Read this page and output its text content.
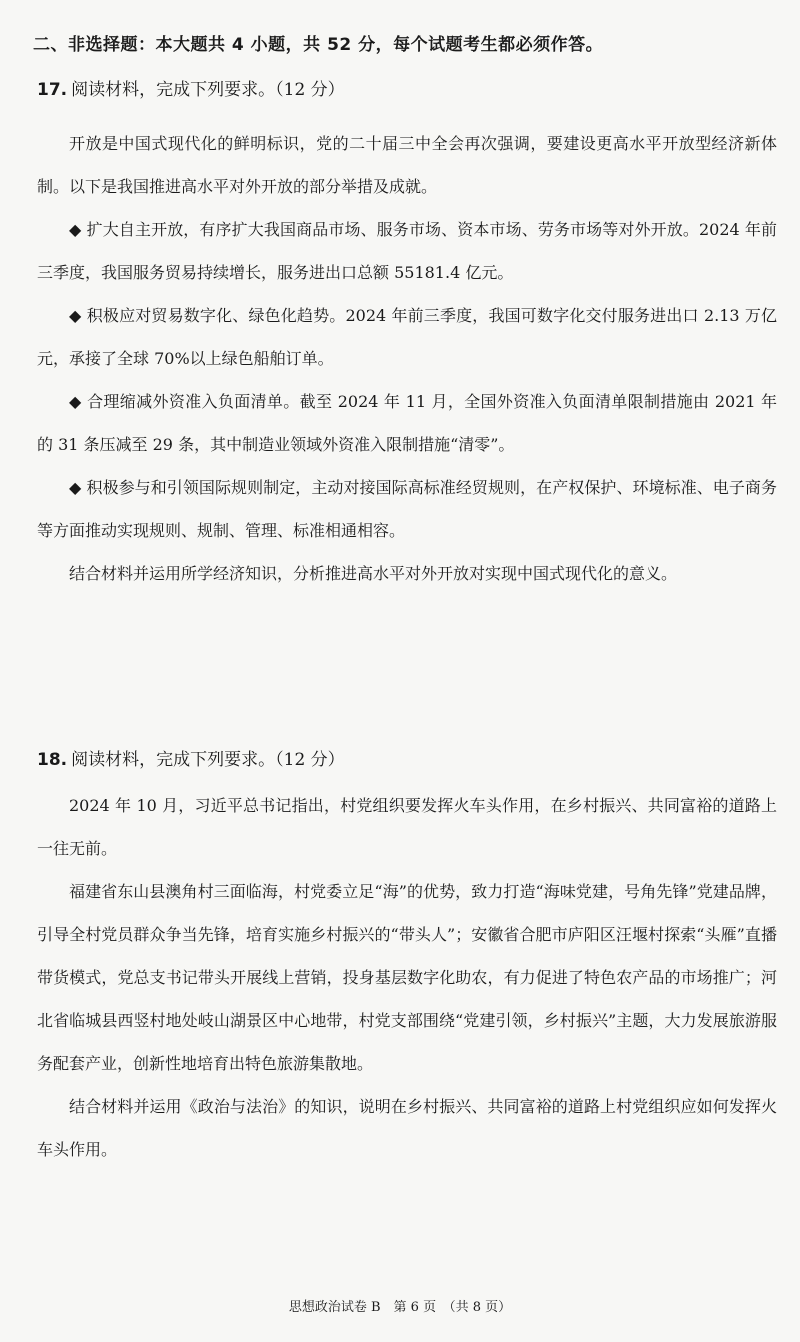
二、非选择题：本大题共 4 小题，共 52 分，每个试题考生都必须作答。
17. 阅读材料，完成下列要求。（12 分）

开放是中国式现代化的鲜明标识，党的二十届三中全会再次强调，要建设更高水平开放型经济新体制。以下是我国推进高水平对外开放的部分举措及成就。

◆ 扩大自主开放，有序扩大我国商品市场、服务市场、资本市场、劳务市场等对外开放。2024 年前三季度，我国服务贸易持续增长，服务进出口总额 55181.4 亿元。

◆ 积极应对贸易数字化、绿色化趋势。2024 年前三季度，我国可数字化交付服务进出口 2.13 万亿元，承接了全球 70%以上绿色船舶订单。

◆ 合理缩减外资准入负面清单。截至 2024 年 11 月，全国外资准入负面清单限制措施由 2021 年的 31 条压减至 29 条，其中制造业领域外资准入限制措施“清零”。

◆ 积极参与和引领国际规则制定，主动对接国际高标准经贸规则，在产权保护、环境标准、电子商务等方面推动实现规则、规制、管理、标准相通相容。

结合材料并运用所学经济知识，分析推进高水平对外开放对实现中国式现代化的意义。

18. 阅读材料，完成下列要求。（12 分）

2024 年 10 月，习近平总书记指出，村党组织要发挥火车头作用，在乡村振兴、共同富裕的道路上一往无前。

福建省东山县澳角村三面临海，村党委立足“海”的优势，致力打造“海味党建，号角先锋”党建品牌，引导全村党员群众争当先锋，培育实施乡村振兴的“带头人”；安徽省合肥市庐阳区汪堰村探索“头雁”直播带货模式，党总支书记带头开展线上营销，投身基层数字化助农，有力促进了特色农产品的市场推广；河北省临城县西竖村地处岐山湖景区中心地带，村党支部围绕“党建引领，乡村振兴”主题，大力发展旅游服务配套产业，创新性地培育出特色旅游集散地。

结合材料并运用《政治与法治》的知识，说明在乡村振兴、共同富裕的道路上村党组织应如何发挥火车头作用。

思想政治试卷 B　第 6 页　（共 8 页）
